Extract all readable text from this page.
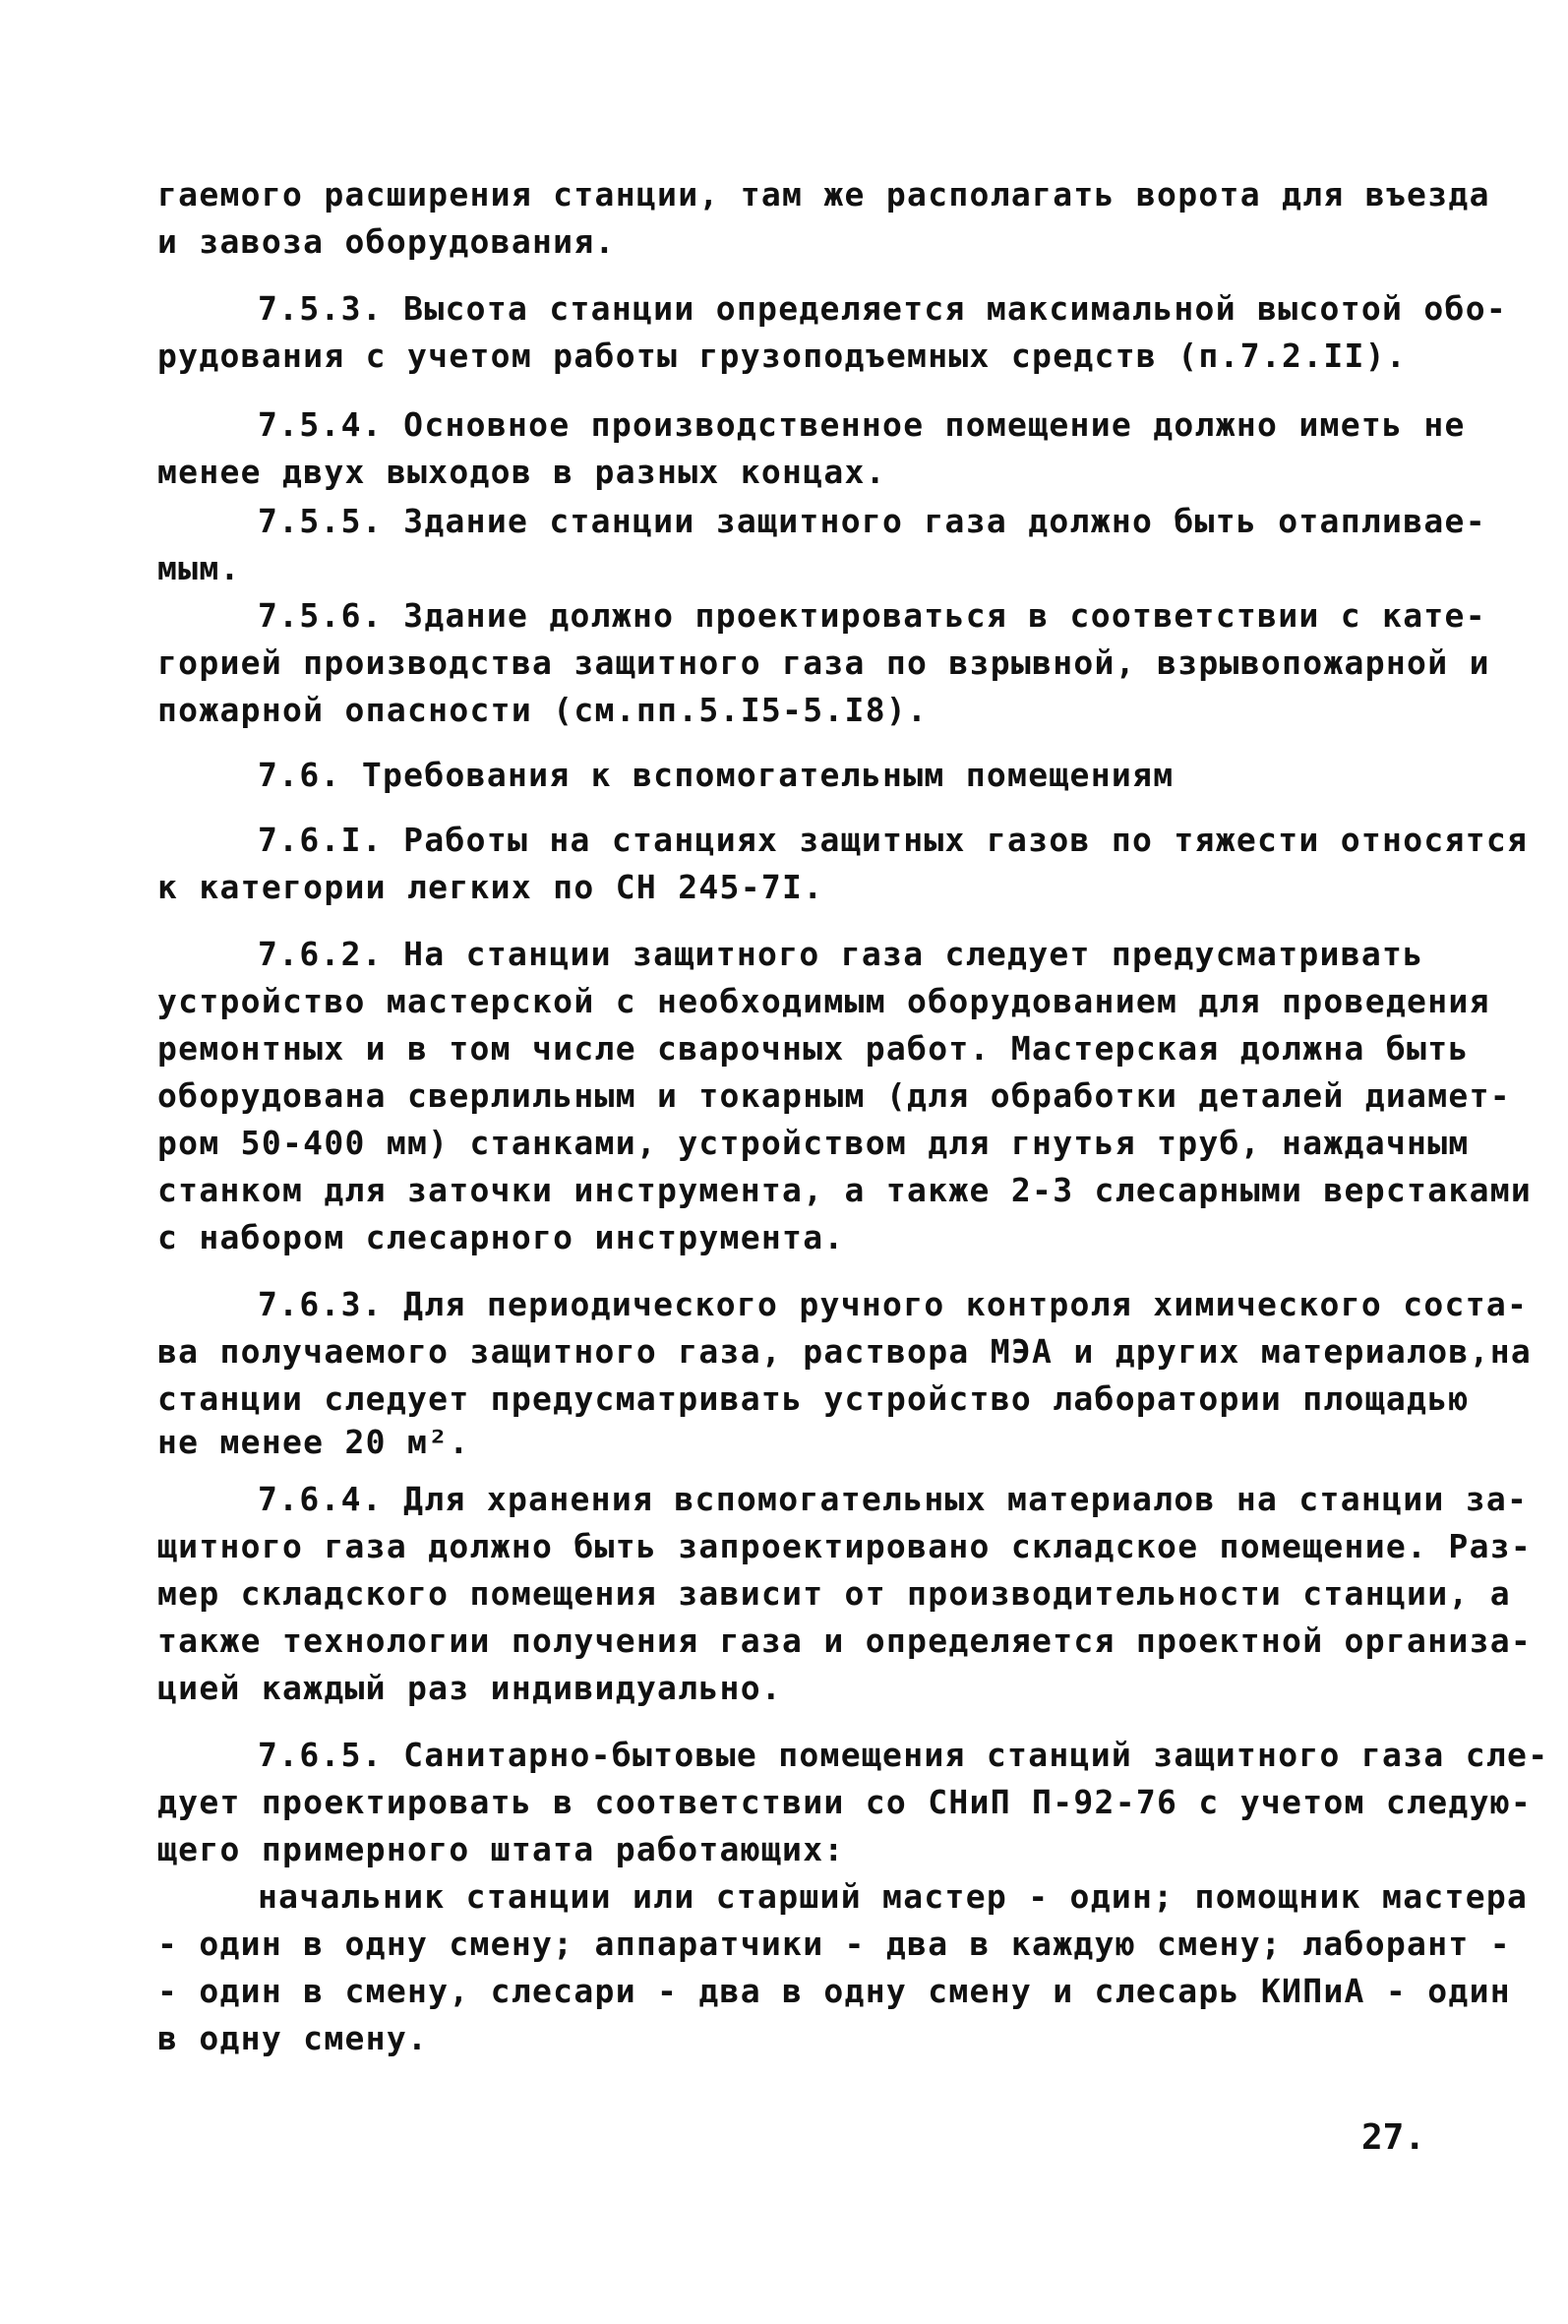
гаемого расширения станции, там же располагать ворота для въезда
и завоза оборудования.
7.5.3. Высота станции определяется максимальной высотой обо-
рудования с учетом работы грузоподъемных средств (п.7.2.II).
7.5.4. Основное производственное помещение должно иметь не
менее двух выходов в разных концах.
7.5.5. Здание станции защитного газа должно быть отапливае-
мым.
7.5.6. Здание должно проектироваться в соответствии с кате-
горией производства защитного газа по взрывной, взрывопожарной и
пожарной опасности (см.пп.5.I5-5.I8).
7.6. Требования к вспомогательным помещениям
7.6.I. Работы на станциях защитных газов по тяжести относятся
к категории легких по СН 245-7I.
7.6.2. На станции защитного газа следует предусматривать
устройство мастерской с необходимым оборудованием для проведения
ремонтных и в том числе сварочных работ. Мастерская должна быть
оборудована сверлильным и токарным (для обработки деталей диамет-
ром 50-400 мм) станками, устройством для гнутья труб, наждачным
станком для заточки инструмента, а также 2-3 слесарными верстаками
с набором слесарного инструмента.
7.6.3. Для периодического ручного контроля химического соста-
ва получаемого защитного газа, раствора МЭА и других материалов,на
станции следует предусматривать устройство лаборатории площадью
не менее 20 м².
7.6.4. Для хранения вспомогательных материалов на станции за-
щитного газа должно быть запроектировано складское помещение. Раз-
мер складского помещения зависит от производительности станции, а
также технологии получения газа и определяется проектной организа-
цией каждый раз индивидуально.
7.6.5. Санитарно-бытовые помещения станций защитного газа сле-
дует проектировать в соответствии со СНиП П-92-76 с учетом следую-
щего примерного штата работающих:
начальник станции или старший мастер - один; помощник мастера
- один в одну смену; аппаратчики - два в каждую смену; лаборант -
- один в смену, слесари - два в одну смену и слесарь КИПиА - один
в одну смену.
27.
